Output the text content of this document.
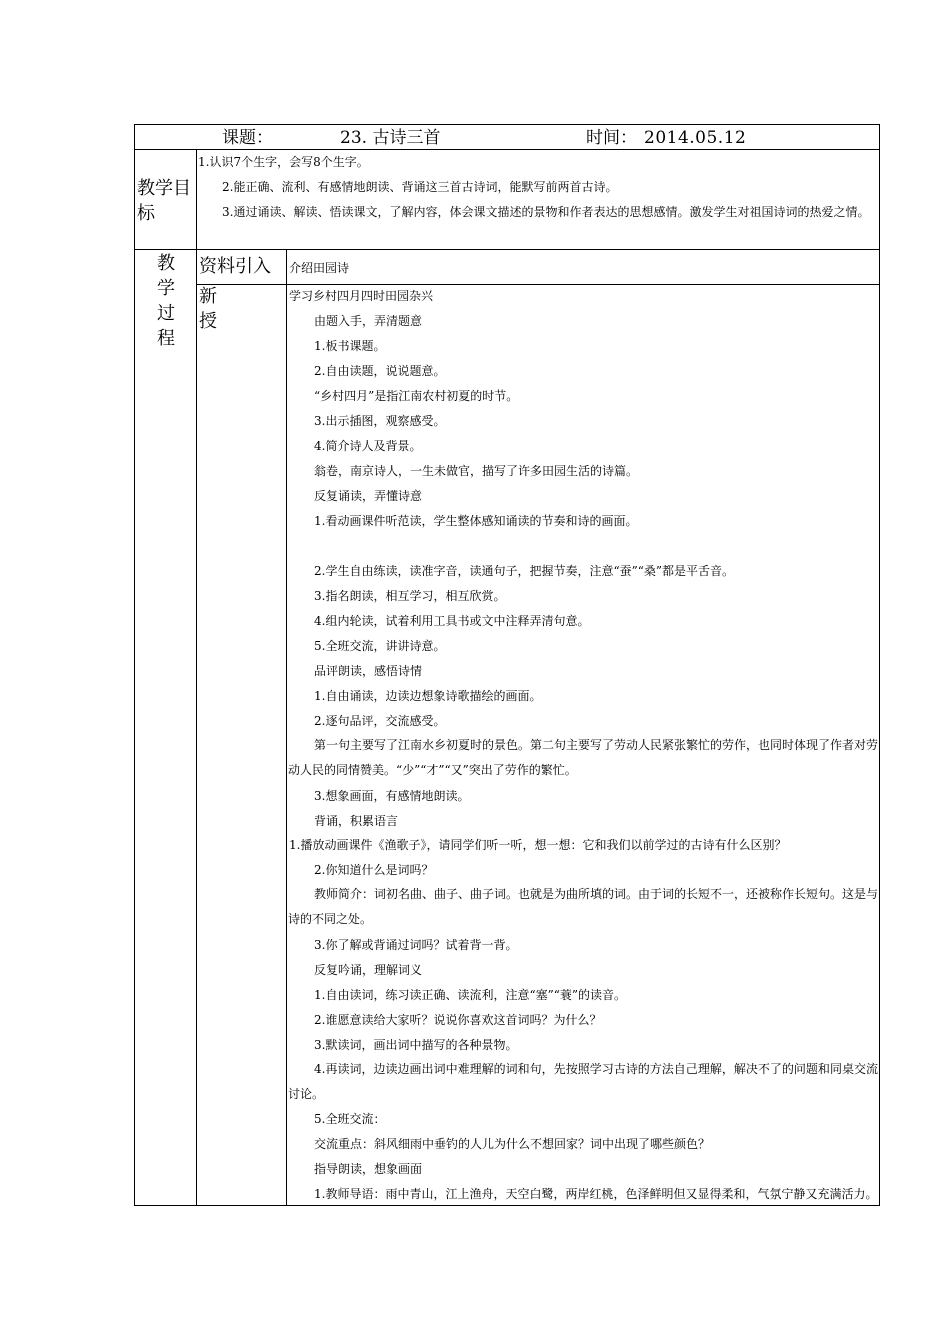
课题：	23. 古诗三首	时间： 2014.05.12
教学目
标
1.认识7个生字，会写8个生字。
2.能正确、流利、有感情地朗读、背诵这三首古诗词，能默写前两首古诗。
3.通过诵读、解读、悟读课文，了解内容，体会课文描述的景物和作者表达的思想感情。激发学生对祖国诗词的热爱之情。
教
学
过
程
资料引入 介绍田园诗
新
授
学习乡村四月四时田园杂兴
由题入手，弄清题意
1.板书课题。
2.自由读题，说说题意。
“乡村四月”是指江南农村初夏的时节。
3.出示插图，观察感受。
4.简介诗人及背景。
翁卷，南京诗人，一生未做官，描写了许多田园生活的诗篇。
反复诵读，弄懂诗意
1.看动画课件听范读，学生整体感知诵读的节奏和诗的画面。
2.学生自由练读，读准字音，读通句子，把握节奏，注意“蚕”“桑”都是平舌音。
3.指名朗读，相互学习，相互欣赏。
4.组内轮读，试着利用工具书或文中注释弄清句意。
5.全班交流，讲讲诗意。
品评朗读，感悟诗情
1.自由诵读，边读边想象诗歌描绘的画面。
2.逐句品评，交流感受。
第一句主要写了江南水乡初夏时的景色。第二句主要写了劳动人民紧张繁忙的劳作，也同时体现了作者对劳动人民的同情赞美。“少”“才”“又”突出了劳作的繁忙。
3.想象画面，有感情地朗读。
背诵，积累语言
1.播放动画课件《渔歌子》，请同学们听一听，想一想：它和我们以前学过的古诗有什么区别？
2.你知道什么是词吗？
教师简介：词初名曲、曲子、曲子词。也就是为曲所填的词。由于词的长短不一，还被称作长短句。这是与诗的不同之处。
3.你了解或背诵过词吗？试着背一背。
反复吟诵，理解词义
1.自由读词，练习读正确、读流利，注意“塞”“蓑”的读音。
2.谁愿意读给大家听？说说你喜欢这首词吗？为什么？
3.默读词，画出词中描写的各种景物。
4.再读词，边读边画出词中难理解的词和句，先按照学习古诗的方法自己理解，解决不了的问题和同桌交流讨论。
5.全班交流：
交流重点：斜风细雨中垂钓的人儿为什么不想回家？词中出现了哪些颜色？
指导朗读，想象画面
1.教师导语：雨中青山，江上渔舟，天空白鹭，两岸红桃，色泽鲜明但又显得柔和，气氛宁静又充满活力。
